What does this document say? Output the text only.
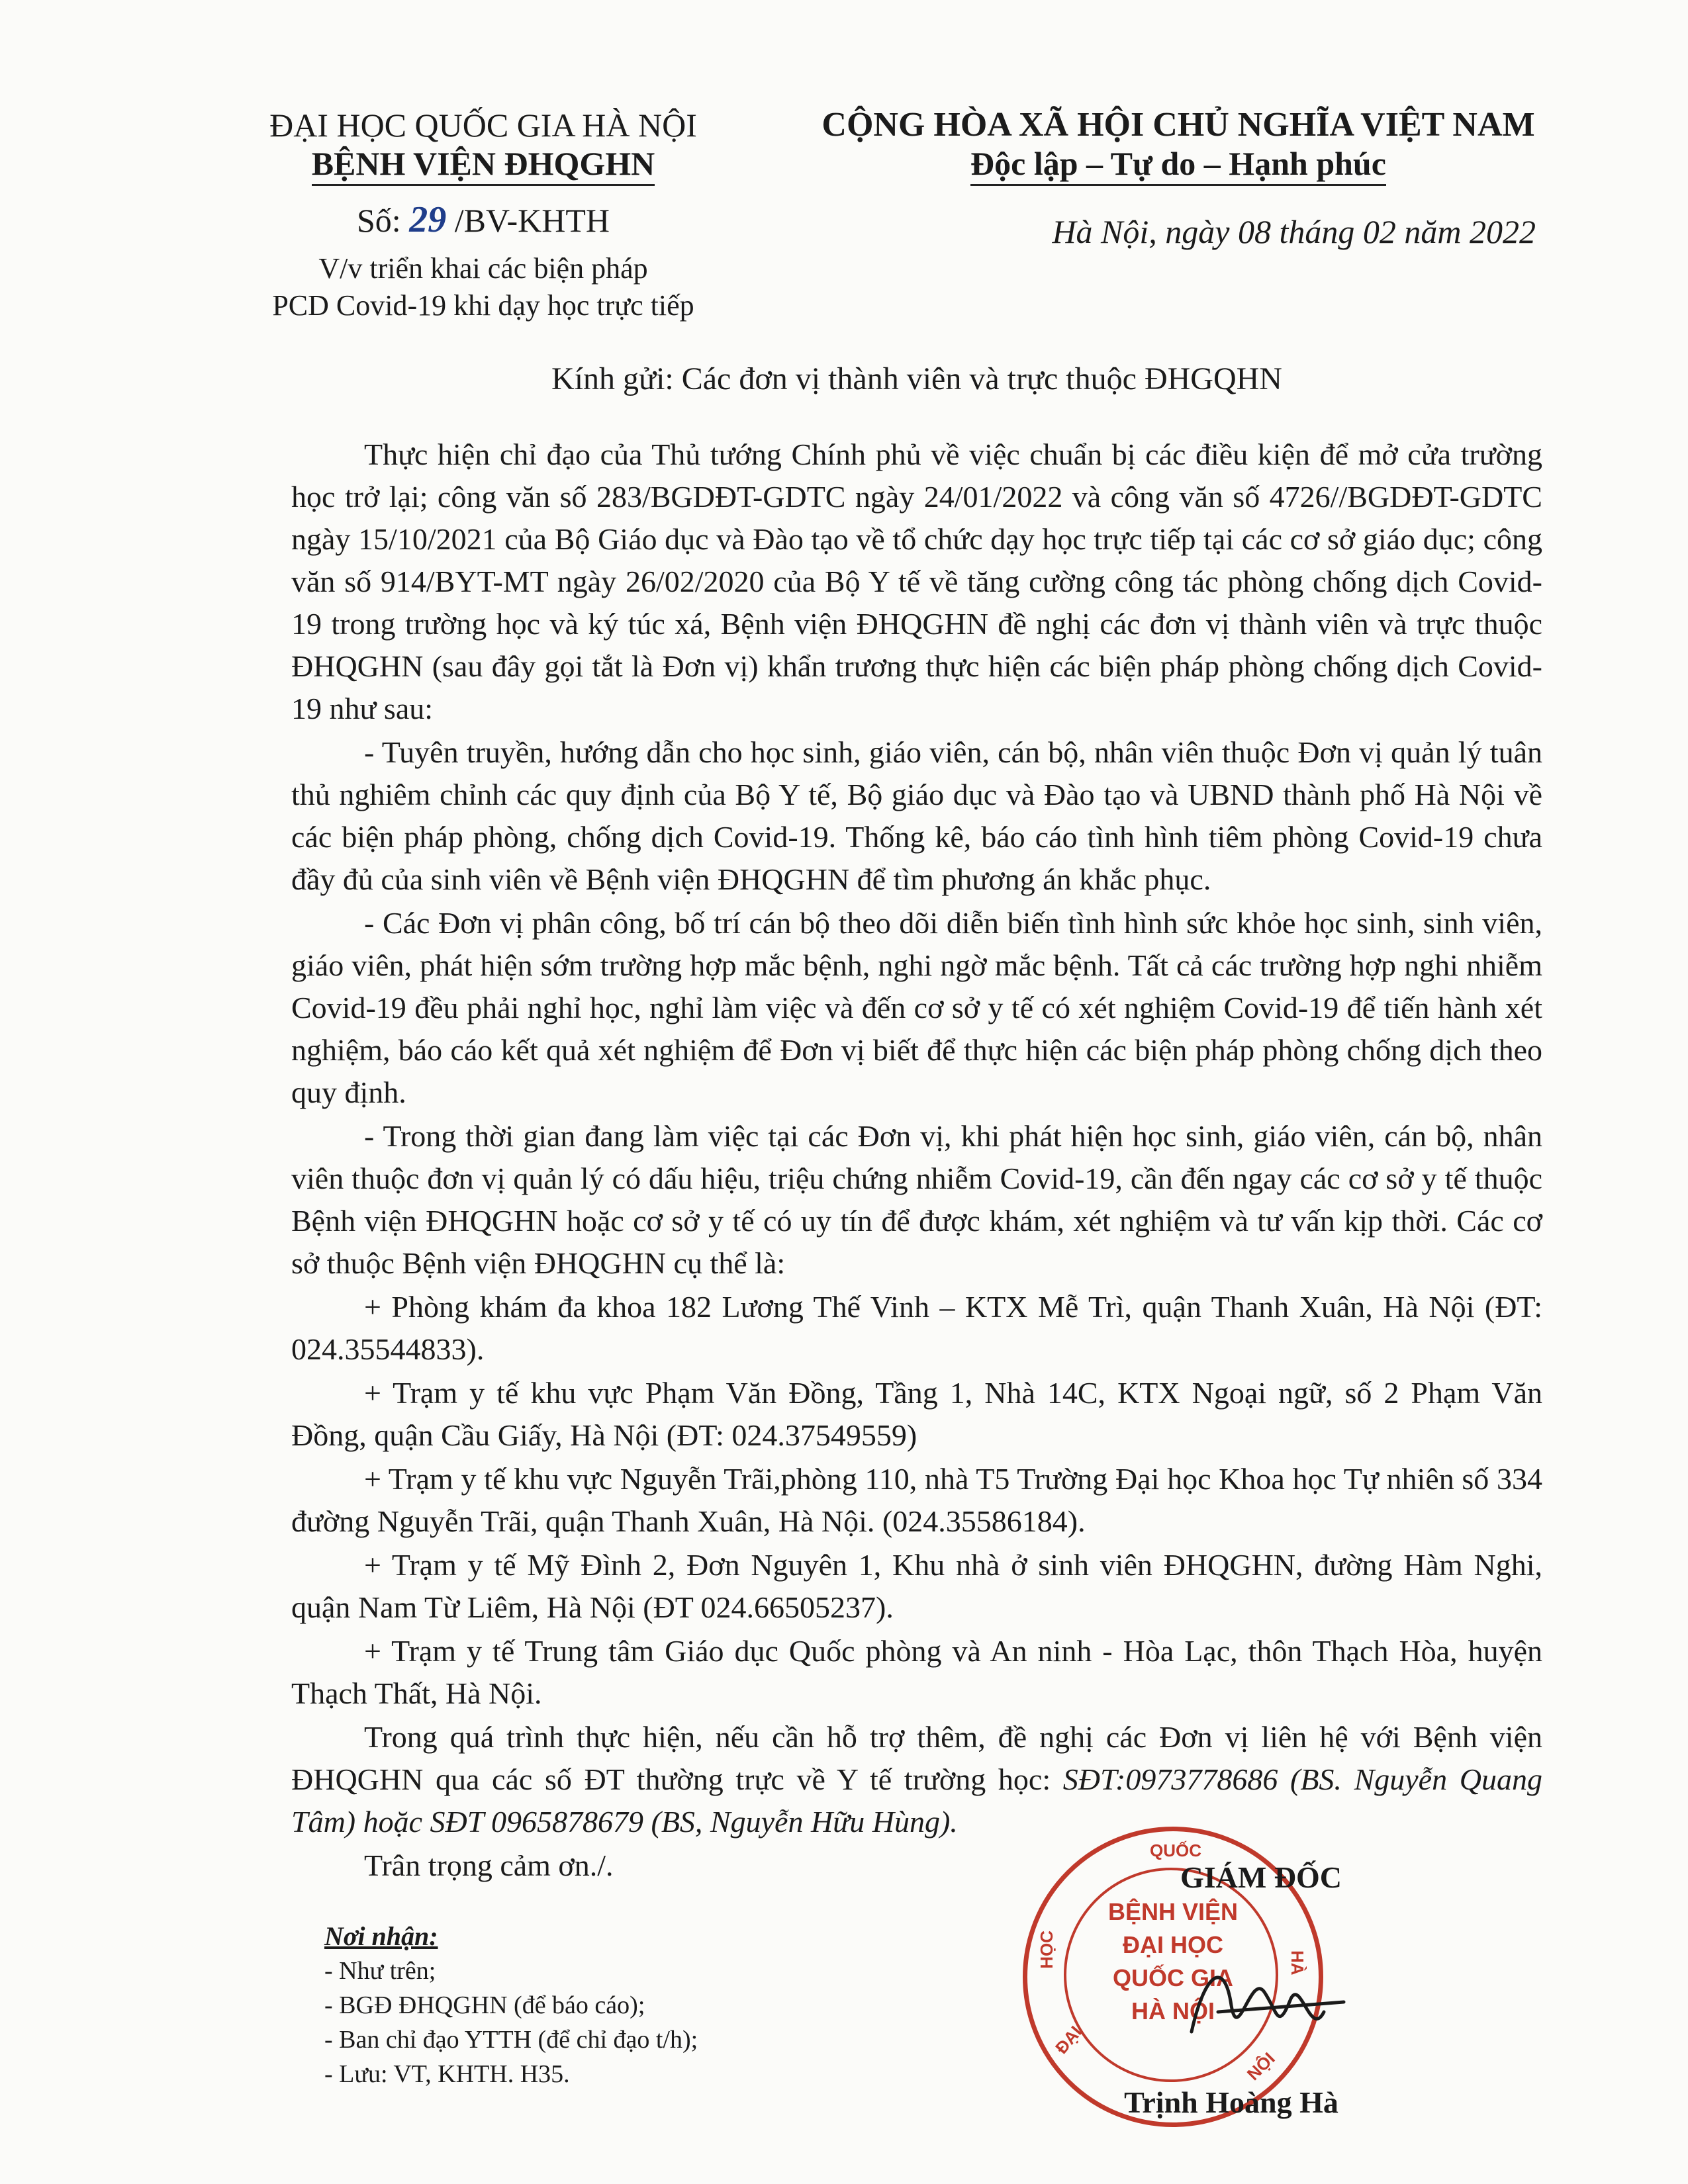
ĐẠI HỌC QUỐC GIA HÀ NỘI
BỆNH VIỆN ĐHQGHN
Số: 29 /BV-KHTH
V/v triển khai các biện pháp
PCD Covid-19 khi dạy học trực tiếp
CỘNG HÒA XÃ HỘI CHỦ NGHĨA VIỆT NAM
Độc lập – Tự do – Hạnh phúc
Hà Nội, ngày 08 tháng 02 năm 2022
Kính gửi: Các đơn vị thành viên và trực thuộc ĐHGQHN

Thực hiện chỉ đạo của Thủ tướng Chính phủ về việc chuẩn bị các điều kiện để mở cửa trường học trở lại; công văn số 283/BGDĐT-GDTC ngày 24/01/2022 và công văn số 4726//BGDĐT-GDTC ngày 15/10/2021 của Bộ Giáo dục và Đào tạo về tổ chức dạy học trực tiếp tại các cơ sở giáo dục; công văn số 914/BYT-MT ngày 26/02/2020 của Bộ Y tế về tăng cường công tác phòng chống dịch Covid-19 trong trường học và ký túc xá, Bệnh viện ĐHQGHN đề nghị các đơn vị thành viên và trực thuộc ĐHQGHN (sau đây gọi tắt là Đơn vị) khẩn trương thực hiện các biện pháp phòng chống dịch Covid-19 như sau:

- Tuyên truyền, hướng dẫn cho học sinh, giáo viên, cán bộ, nhân viên thuộc Đơn vị quản lý tuân thủ nghiêm chỉnh các quy định của Bộ Y tế, Bộ giáo dục và Đào tạo và UBND thành phố Hà Nội về các biện pháp phòng, chống dịch Covid-19. Thống kê, báo cáo tình hình tiêm phòng Covid-19 chưa đầy đủ của sinh viên về Bệnh viện ĐHQGHN để tìm phương án khắc phục.

- Các Đơn vị phân công, bố trí cán bộ theo dõi diễn biến tình hình sức khỏe học sinh, sinh viên, giáo viên, phát hiện sớm trường hợp mắc bệnh, nghi ngờ mắc bệnh. Tất cả các trường hợp nghi nhiễm Covid-19 đều phải nghỉ học, nghỉ làm việc và đến cơ sở y tế có xét nghiệm Covid-19 để tiến hành xét nghiệm, báo cáo kết quả xét nghiệm để Đơn vị biết để thực hiện các biện pháp phòng chống dịch theo quy định.

- Trong thời gian đang làm việc tại các Đơn vị, khi phát hiện học sinh, giáo viên, cán bộ, nhân viên thuộc đơn vị quản lý có dấu hiệu, triệu chứng nhiễm Covid-19, cần đến ngay các cơ sở y tế thuộc Bệnh viện ĐHQGHN hoặc cơ sở y tế có uy tín để được khám, xét nghiệm và tư vấn kịp thời. Các cơ sở thuộc Bệnh viện ĐHQGHN cụ thể là:

+ Phòng khám đa khoa 182 Lương Thế Vinh – KTX Mễ Trì, quận Thanh Xuân, Hà Nội (ĐT: 024.35544833).

+ Trạm y tế khu vực Phạm Văn Đồng, Tầng 1, Nhà 14C, KTX Ngoại ngữ, số 2 Phạm Văn Đồng, quận Cầu Giấy, Hà Nội (ĐT: 024.37549559)

+ Trạm y tế khu vực Nguyễn Trãi,phòng 110, nhà T5 Trường Đại học Khoa học Tự nhiên số 334 đường Nguyễn Trãi, quận Thanh Xuân, Hà Nội. (024.35586184).

+ Trạm y tế Mỹ Đình 2, Đơn Nguyên 1, Khu nhà ở sinh viên ĐHQGHN, đường Hàm Nghi, quận Nam Từ Liêm, Hà Nội (ĐT 024.66505237).

+ Trạm y tế Trung tâm Giáo dục Quốc phòng và An ninh - Hòa Lạc, thôn Thạch Hòa, huyện Thạch Thất, Hà Nội.

Trong quá trình thực hiện, nếu cần hỗ trợ thêm, đề nghị các Đơn vị liên hệ với Bệnh viện ĐHQGHN qua các số ĐT thường trực về Y tế trường học: SĐT:0973778686 (BS. Nguyễn Quang Tâm) hoặc SĐT 0965878679 (BS, Nguyễn Hữu Hùng).

Trân trọng cảm ơn./.

Nơi nhận:
- Như trên;
- BGĐ ĐHQGHN (để báo cáo);
- Ban chỉ đạo YTTH (để chỉ đạo t/h);
- Lưu: VT, KHTH. H35.
QUỐC
HỌC
ĐẠI
HÀ
NỘI
BỆNH VIỆN
ĐẠI HỌC
QUỐC GIA
HÀ NỘI
GIÁM ĐỐC
Trịnh Hoàng Hà
